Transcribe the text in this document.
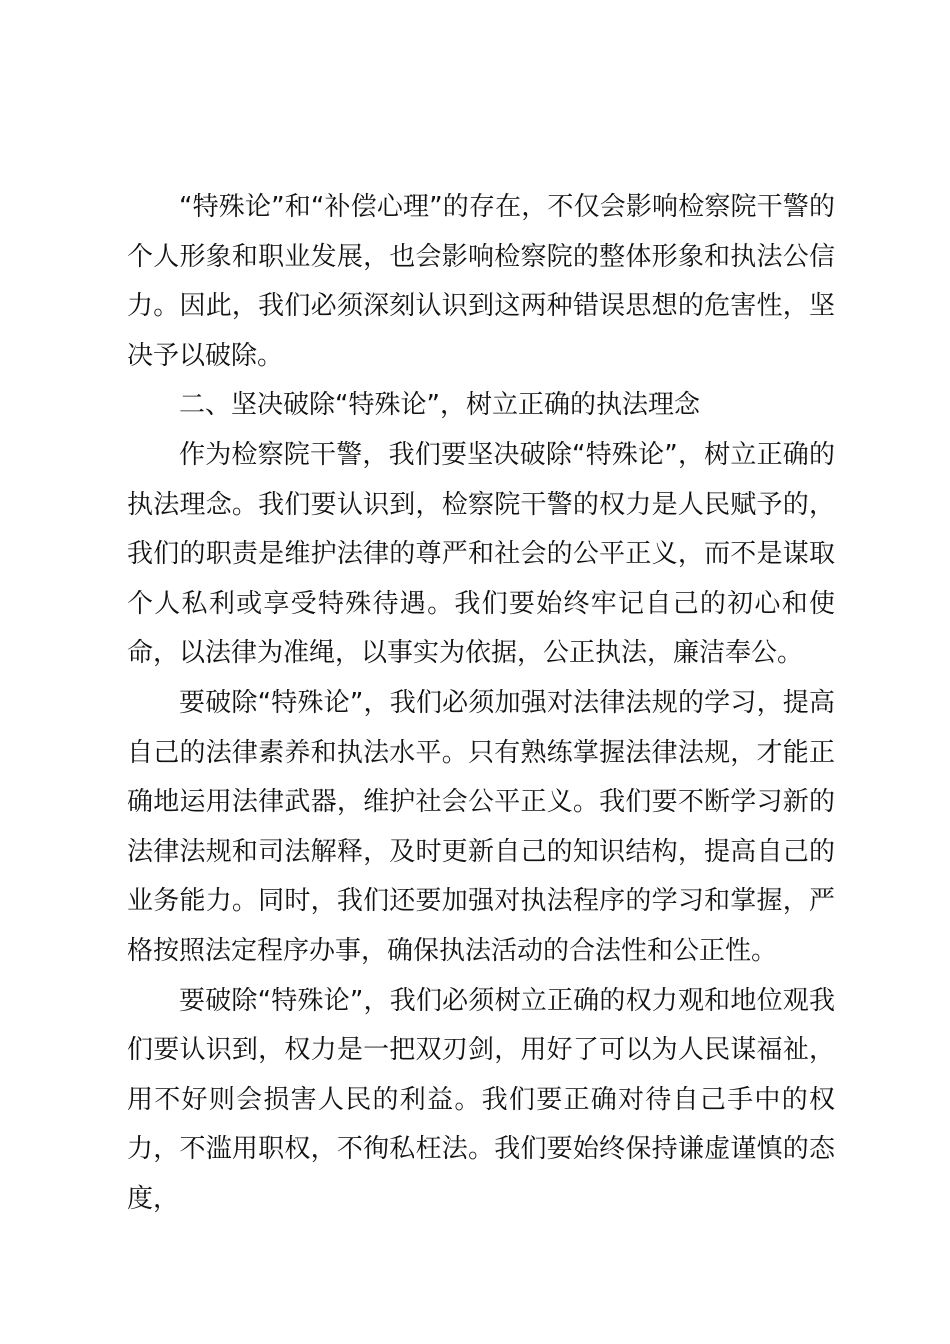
“特殊论”和“补偿心理”的存在，不仅会影响检察院干警的个人形象和职业发展，也会影响检察院的整体形象和执法公信力。因此，我们必须深刻认识到这两种错误思想的危害性，坚决予以破除。

二、坚决破除“特殊论”，树立正确的执法理念

作为检察院干警，我们要坚决破除“特殊论”，树立正确的执法理念。我们要认识到，检察院干警的权力是人民赋予的，我们的职责是维护法律的尊严和社会的公平正义，而不是谋取个人私利或享受特殊待遇。我们要始终牢记自己的初心和使命，以法律为准绳，以事实为依据，公正执法，廉洁奉公。

要破除“特殊论”，我们必须加强对法律法规的学习，提高自己的法律素养和执法水平。只有熟练掌握法律法规，才能正确地运用法律武器，维护社会公平正义。我们要不断学习新的法律法规和司法解释，及时更新自己的知识结构，提高自己的业务能力。同时，我们还要加强对执法程序的学习和掌握，严格按照法定程序办事，确保执法活动的合法性和公正性。

要破除“特殊论”，我们必须树立正确的权力观和地位观我们要认识到，权力是一把双刃剑，用好了可以为人民谋福祉，用不好则会损害人民的利益。我们要正确对待自己手中的权力，不滥用职权，不徇私枉法。我们要始终保持谦虚谨慎的态度，
